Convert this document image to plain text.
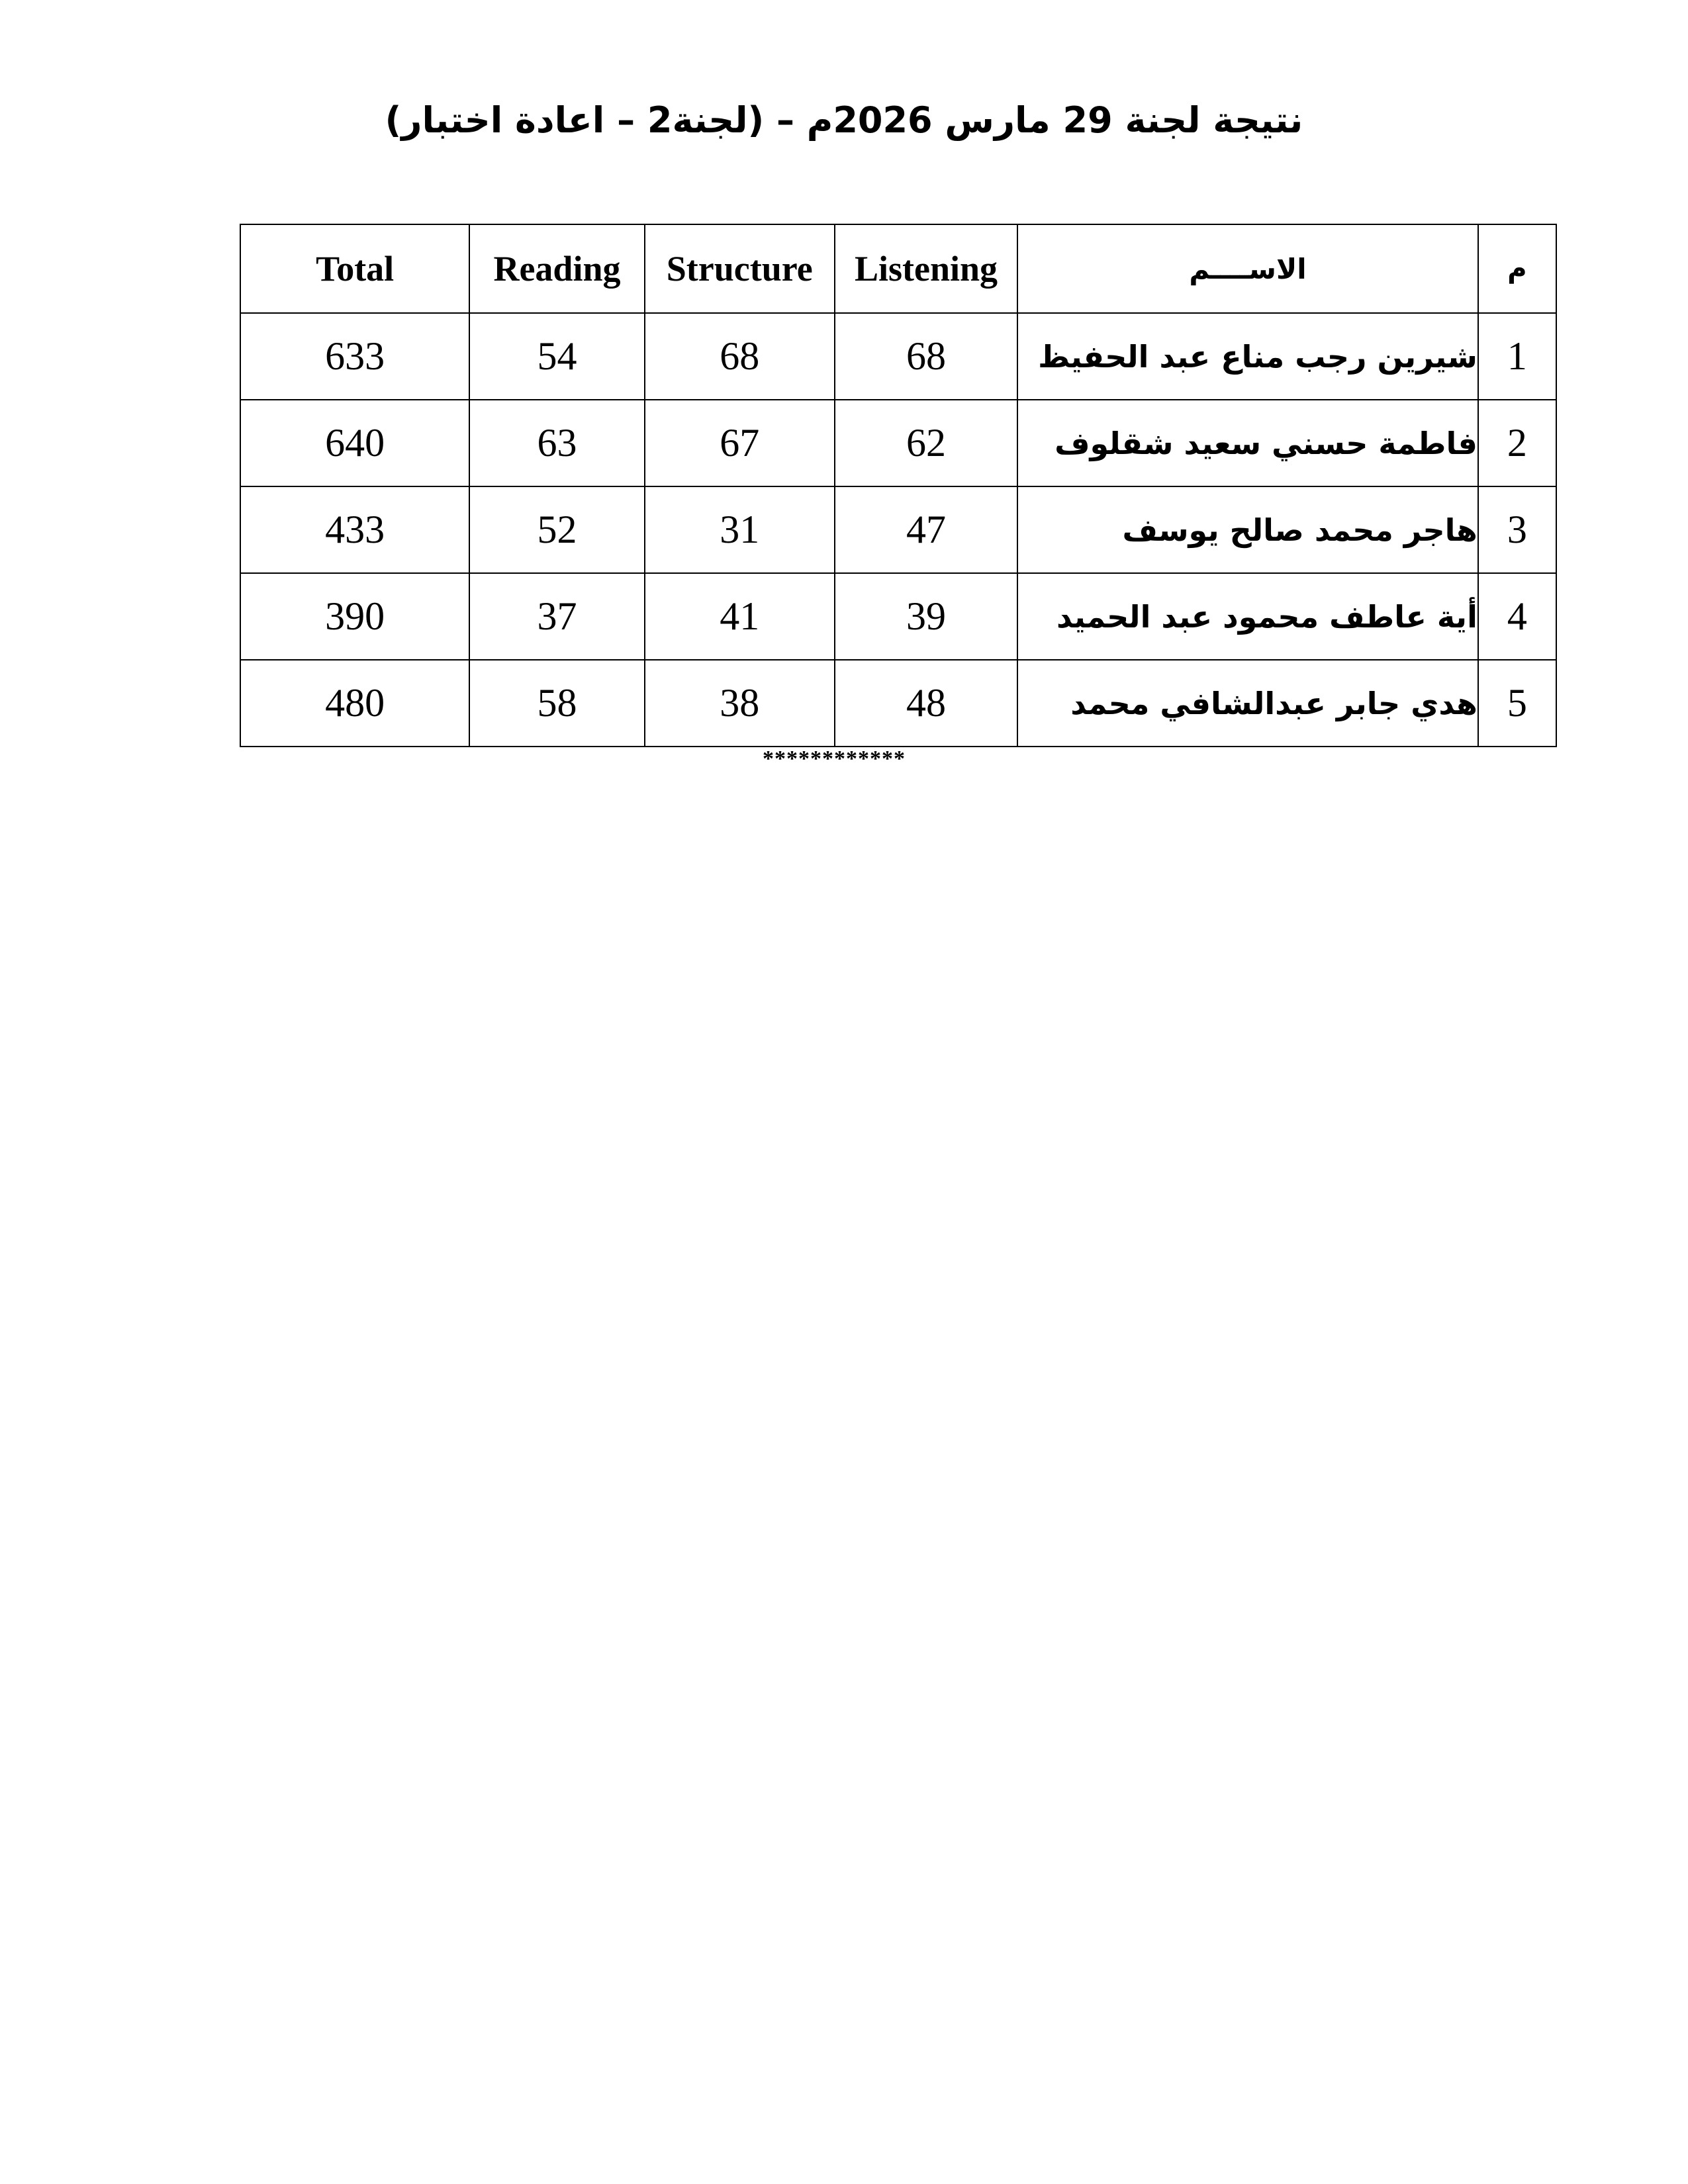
نتيجة لجنة 29 مارس 2026م – (لجنة2 – اعادة اختبار)
Total	Reading	Structure	Listening	الاســــم	م
633	54	68	68	شيرين رجب مناع عبد الحفيظ	1
640	63	67	62	فاطمة حسني سعيد شقلوف	2
433	52	31	47	هاجر محمد صالح يوسف	3
390	37	41	39	أية عاطف محمود عبد الحميد	4
480	58	38	48	هدي جابر عبدالشافي محمد	5
************
